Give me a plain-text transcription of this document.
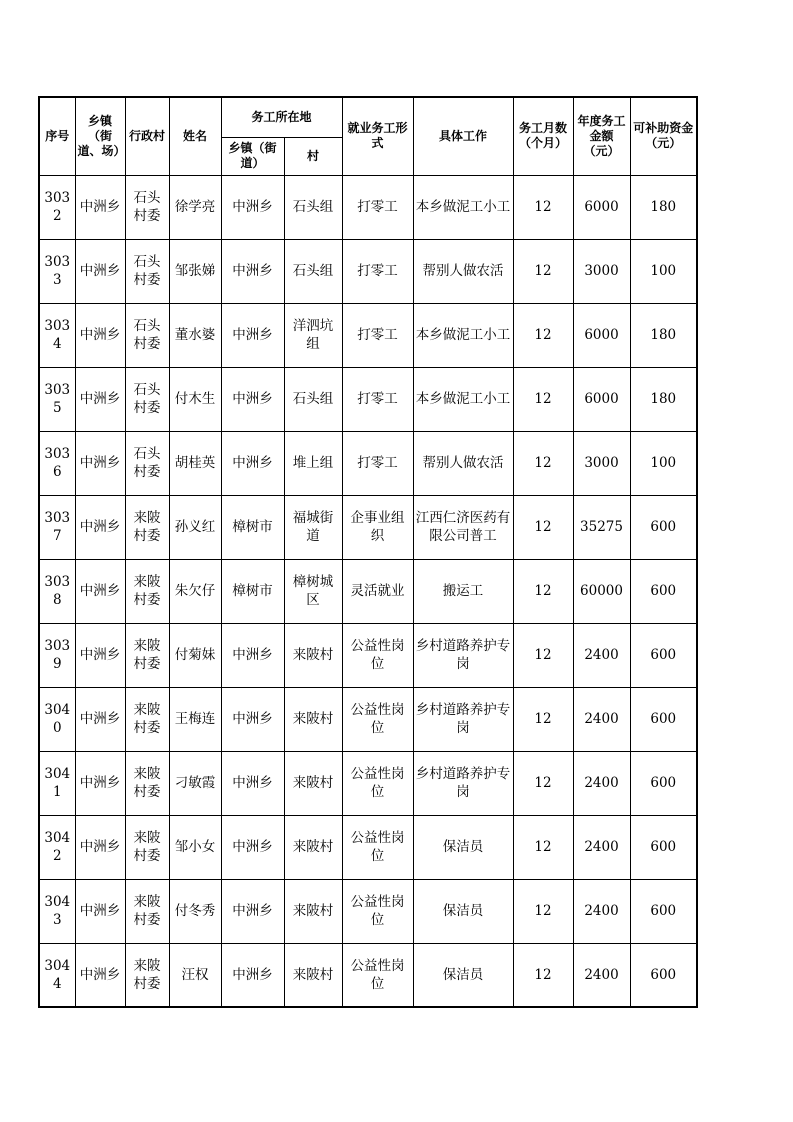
序号	乡镇（街道、场）	行政村	姓名	务工所在地		就业务工形式	具体工作	务工月数（个月）	年度务工金额（元）	可补助资金（元）
				乡镇（街道）	村					
3032	中洲乡	石头村委	徐学亮	中洲乡	石头组	打零工	本乡做泥工小工	12	6000	180
3033	中洲乡	石头村委	邹张娣	中洲乡	石头组	打零工	帮别人做农活	12	3000	100
3034	中洲乡	石头村委	董水婆	中洲乡	洋泗坑组	打零工	本乡做泥工小工	12	6000	180
3035	中洲乡	石头村委	付木生	中洲乡	石头组	打零工	本乡做泥工小工	12	6000	180
3036	中洲乡	石头村委	胡桂英	中洲乡	堆上组	打零工	帮别人做农活	12	3000	100
3037	中洲乡	来陂村委	孙义红	樟树市	福城街道	企事业组织	江西仁济医药有限公司普工	12	35275	600
3038	中洲乡	来陂村委	朱欠仔	樟树市	樟树城区	灵活就业	搬运工	12	60000	600
3039	中洲乡	来陂村委	付菊妹	中洲乡	来陂村	公益性岗位	乡村道路养护专岗	12	2400	600
3040	中洲乡	来陂村委	王梅连	中洲乡	来陂村	公益性岗位	乡村道路养护专岗	12	2400	600
3041	中洲乡	来陂村委	刁敏霞	中洲乡	来陂村	公益性岗位	乡村道路养护专岗	12	2400	600
3042	中洲乡	来陂村委	邹小女	中洲乡	来陂村	公益性岗位	保洁员	12	2400	600
3043	中洲乡	来陂村委	付冬秀	中洲乡	来陂村	公益性岗位	保洁员	12	2400	600
3044	中洲乡	来陂村委	汪权	中洲乡	来陂村	公益性岗位	保洁员	12	2400	600
